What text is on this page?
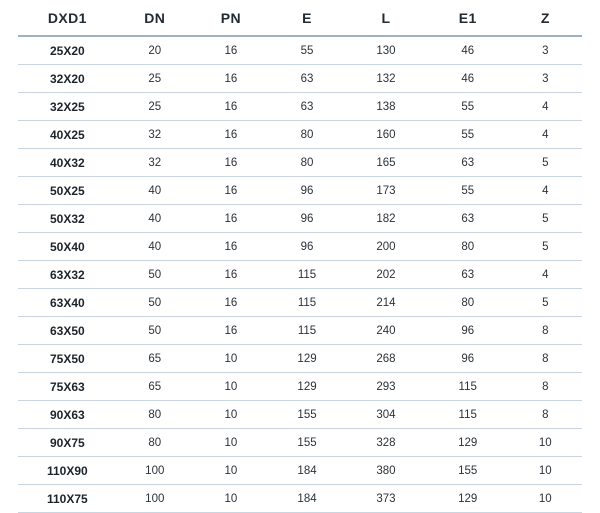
DXD1	DN	PN	E	L	E1	Z
25X20	20	16	55	130	46	3
32X20	25	16	63	132	46	3
32X25	25	16	63	138	55	4
40X25	32	16	80	160	55	4
40X32	32	16	80	165	63	5
50X25	40	16	96	173	55	4
50X32	40	16	96	182	63	5
50X40	40	16	96	200	80	5
63X32	50	16	115	202	63	4
63X40	50	16	115	214	80	5
63X50	50	16	115	240	96	8
75X50	65	10	129	268	96	8
75X63	65	10	129	293	115	8
90X63	80	10	155	304	115	8
90X75	80	10	155	328	129	10
110X90	100	10	184	380	155	10
110X75	100	10	184	373	129	10
